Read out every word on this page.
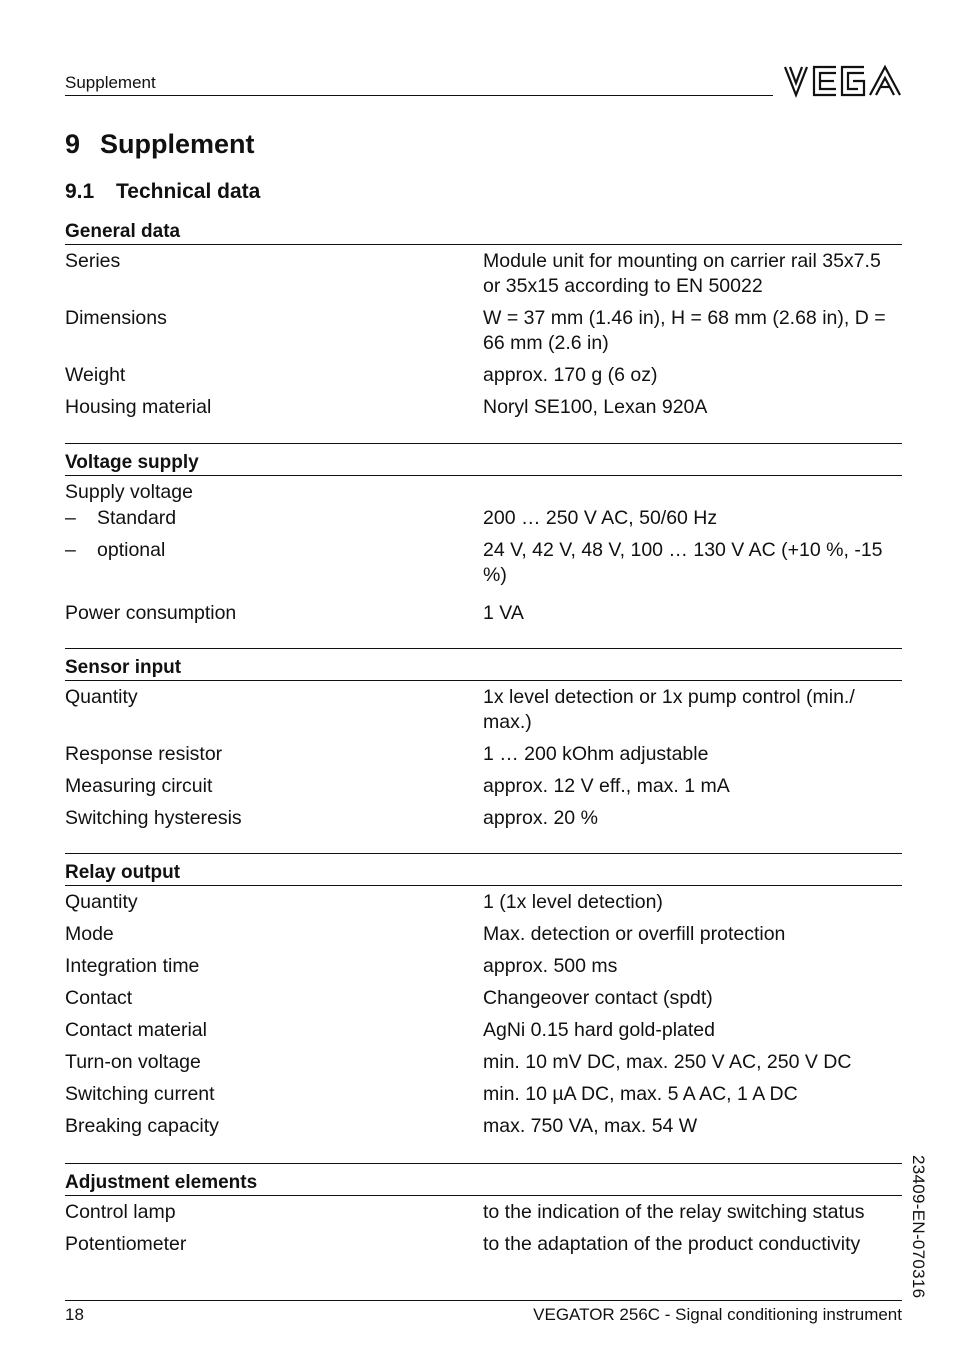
Supplement
9 Supplement
9.1 Technical data
General data
Series	Module unit for mounting on carrier rail 35x7.5 or 35x15 according to EN 50022
Dimensions	W = 37 mm (1.46 in), H = 68 mm (2.68 in), D = 66 mm (2.6 in)
Weight	approx. 170 g (6 oz)
Housing material	Noryl SE100, Lexan 920A
Voltage supply
Supply voltage
– Standard	200 … 250 V AC, 50/60 Hz
– optional	24 V, 42 V, 48 V, 100 … 130 V AC (+10 %, -15 %)
Power consumption	1 VA
Sensor input
Quantity	1x level detection or 1x pump control (min./ max.)
Response resistor	1 … 200 kOhm adjustable
Measuring circuit	approx. 12 V eff., max. 1 mA
Switching hysteresis	approx. 20 %
Relay output
Quantity	1 (1x level detection)
Mode	Max. detection or overfill protection
Integration time	approx. 500 ms
Contact	Changeover contact (spdt)
Contact material	AgNi 0.15 hard gold-plated
Turn-on voltage	min. 10 mV DC, max. 250 V AC, 250 V DC
Switching current	min. 10 µA DC, max. 5 A AC, 1 A DC
Breaking capacity	max. 750 VA, max. 54 W
Adjustment elements
Control lamp	to the indication of the relay switching status
Potentiometer	to the adaptation of the product conductivity	23409-EN-070316
18	VEGATOR 256C - Signal conditioning instrument
